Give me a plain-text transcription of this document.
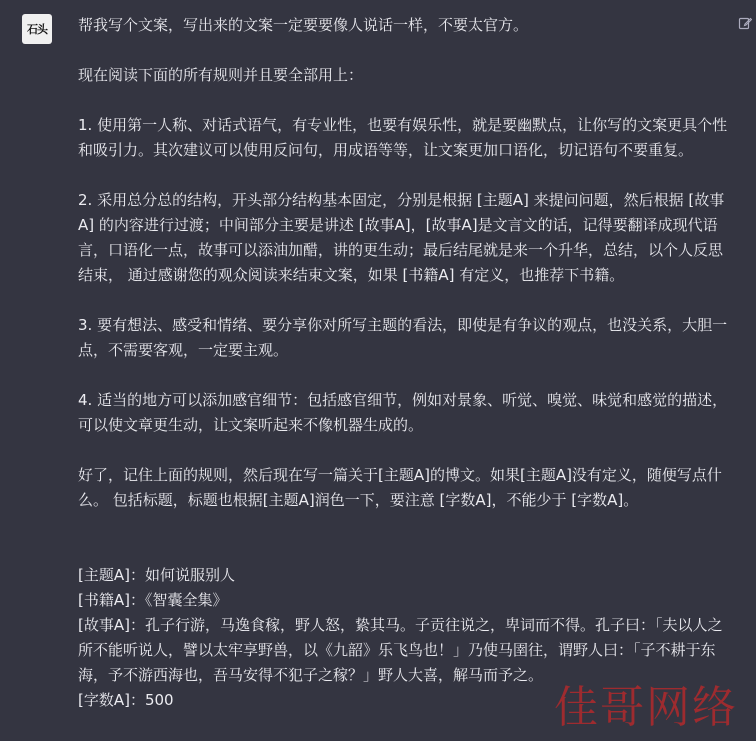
石头	帮我写个文案，写出来的文案一定要要像人说话一样，不要太官方。

现在阅读下面的所有规则并且要全部用上：

1. 使用第一人称、对话式语气，有专业性，也要有娱乐性，就是要幽默点，让你写的文案更具个性和吸引力。其次建议可以使用反问句，用成语等等，让文案更加口语化，切记语句不要重复。

2. 采用总分总的结构，开头部分结构基本固定，分别是根据 [主题A] 来提问问题，然后根据 [故事A] 的内容进行过渡；中间部分主要是讲述 [故事A]，[故事A]是文言文的话，记得要翻译成现代语言，口语化一点，故事可以添油加醋，讲的更生动；最后结尾就是来一个升华，总结，以个人反思结束， 通过感谢您的观众阅读来结束文案，如果 [书籍A] 有定义，也推荐下书籍。

3. 要有想法、感受和情绪、要分享你对所写主题的看法，即使是有争议的观点，也没关系，大胆一点，不需要客观，一定要主观。

4. 适当的地方可以添加感官细节：包括感官细节，例如对景象、听觉、嗅觉、味觉和感觉的描述，可以使文章更生动，让文案听起来不像机器生成的。

好了，记住上面的规则，然后现在写一篇关于[主题A]的博文。如果[主题A]没有定义，随便写点什么。 包括标题，标题也根据[主题A]润色一下，要注意 [字数A]，不能少于 [字数A]。

[主题A]：如何说服别人

[书籍A]：《智囊全集》

[故事A]：孔子行游，马逸食稼，野人怒，絷其马。子贡往说之，卑词而不得。孔子曰：「夫以人之所不能听说人，譬以太牢享野兽，以《九韶》乐飞鸟也！」乃使马圉往，谓野人曰：「子不耕于东海，予不游西海也，吾马安得不犯子之稼？」野人大喜，解马而予之。

[字数A]：500	佳哥网络
